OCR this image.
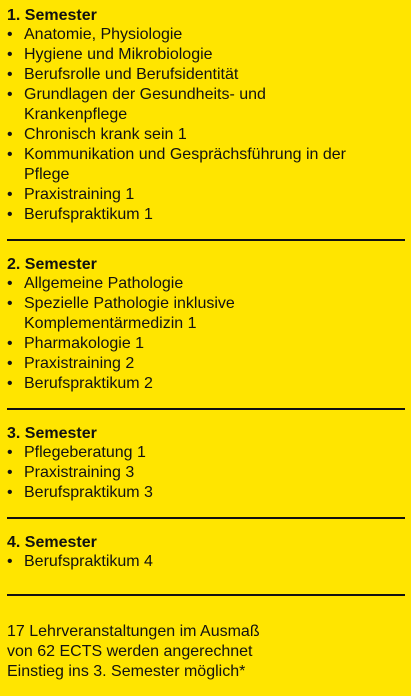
1. Semester
• Anatomie, Physiologie
• Hygiene und Mikrobiologie
• Berufsrolle und Berufsidentität
• Grundlagen der Gesundheits- und Krankenpflege
• Chronisch krank sein 1
• Kommunikation und Gesprächsführung in der Pflege
• Praxistraining 1
• Berufspraktikum 1
2. Semester
• Allgemeine Pathologie
• Spezielle Pathologie inklusive Komplementärmedizin 1
• Pharmakologie 1
• Praxistraining 2
• Berufspraktikum 2
3. Semester
• Pflegeberatung 1
• Praxistraining 3
• Berufspraktikum 3
4. Semester
• Berufspraktikum 4
17 Lehrveranstaltungen im Ausmaß
von 62 ECTS werden angerechnet
Einstieg ins 3. Semester möglich*
